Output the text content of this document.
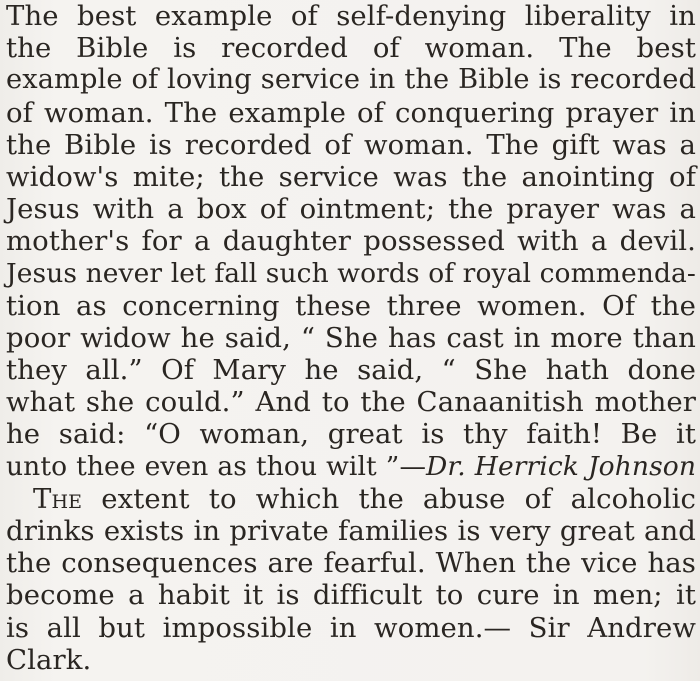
The best example of self-denying liberality in
the Bible is recorded of woman. The best
example of loving service in the Bible is recorded
of woman. The example of conquering prayer in
the Bible is recorded of woman. The gift was a
widow's mite; the service was the anointing of
Jesus with a box of ointment; the prayer was a
mother's for a daughter possessed with a devil.
Jesus never let fall such words of royal commenda-
tion as concerning these three women. Of the
poor widow he said, “ She has cast in more than
they all.” Of Mary he said, “ She hath done
what she could.” And to the Canaanitish mother
he said: “O woman, great is thy faith! Be it
unto thee even as thou wilt ”—Dr. Herrick Johnson
The extent to which the abuse of alcoholic
drinks exists in private families is very great and
the consequences are fearful. When the vice has
become a habit it is difficult to cure in men; it
is all but impossible in women.— Sir Andrew
Clark.
